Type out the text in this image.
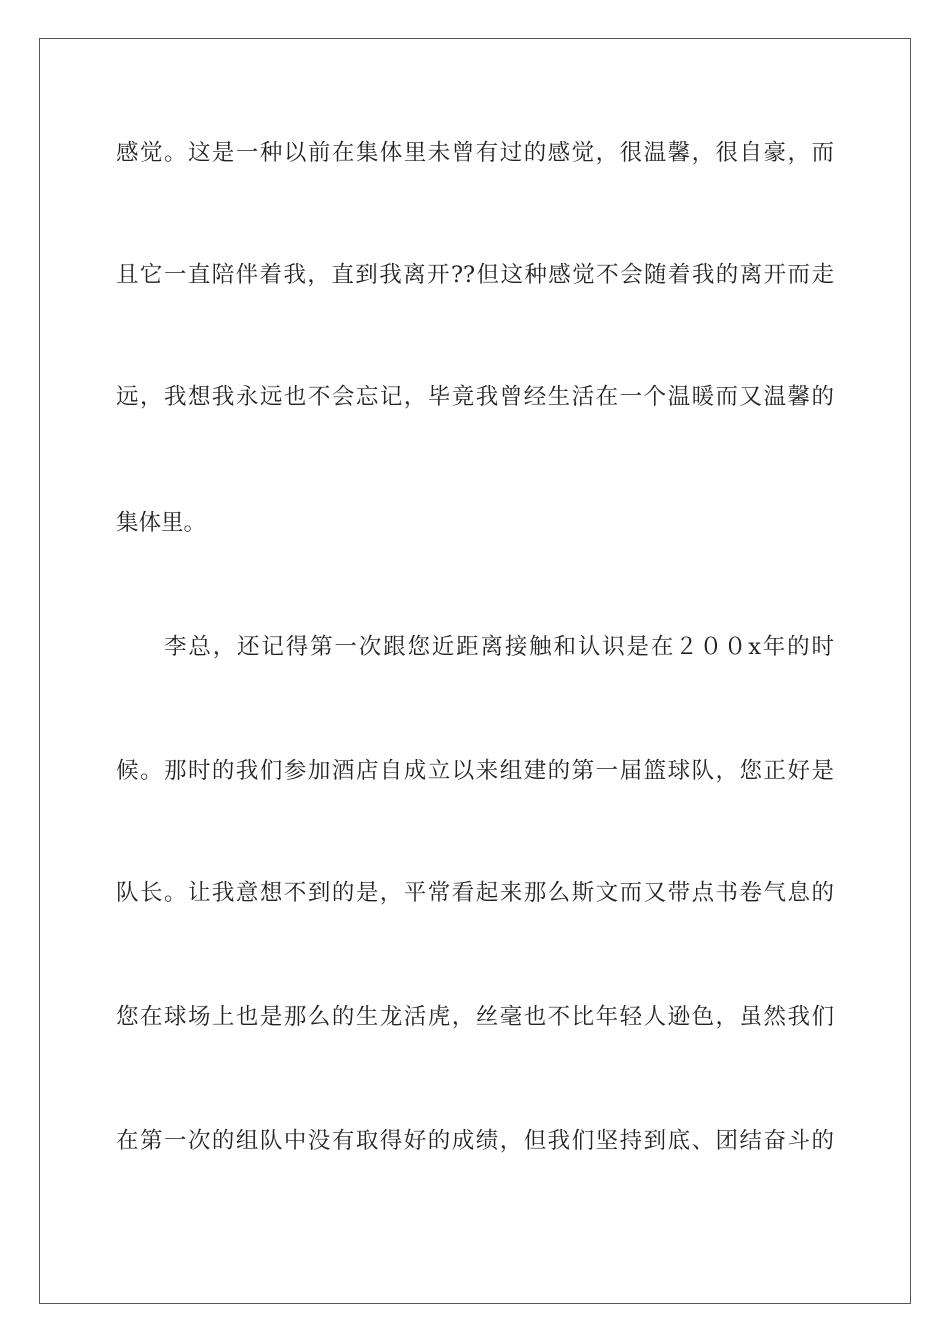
感觉。这是一种以前在集体里未曾有过的感觉，很温馨，很自豪，而
且它一直陪伴着我，直到我离开??但这种感觉不会随着我的离开而走
远，我想我永远也不会忘记，毕竟我曾经生活在一个温暖而又温馨的
集体里。
李总，还记得第一次跟您近距离接触和认识是在２００x年的时
候。那时的我们参加酒店自成立以来组建的第一届篮球队，您正好是
队长。让我意想不到的是，平常看起来那么斯文而又带点书卷气息的
您在球场上也是那么的生龙活虎，丝毫也不比年轻人逊色，虽然我们
在第一次的组队中没有取得好的成绩，但我们坚持到底、团结奋斗的
